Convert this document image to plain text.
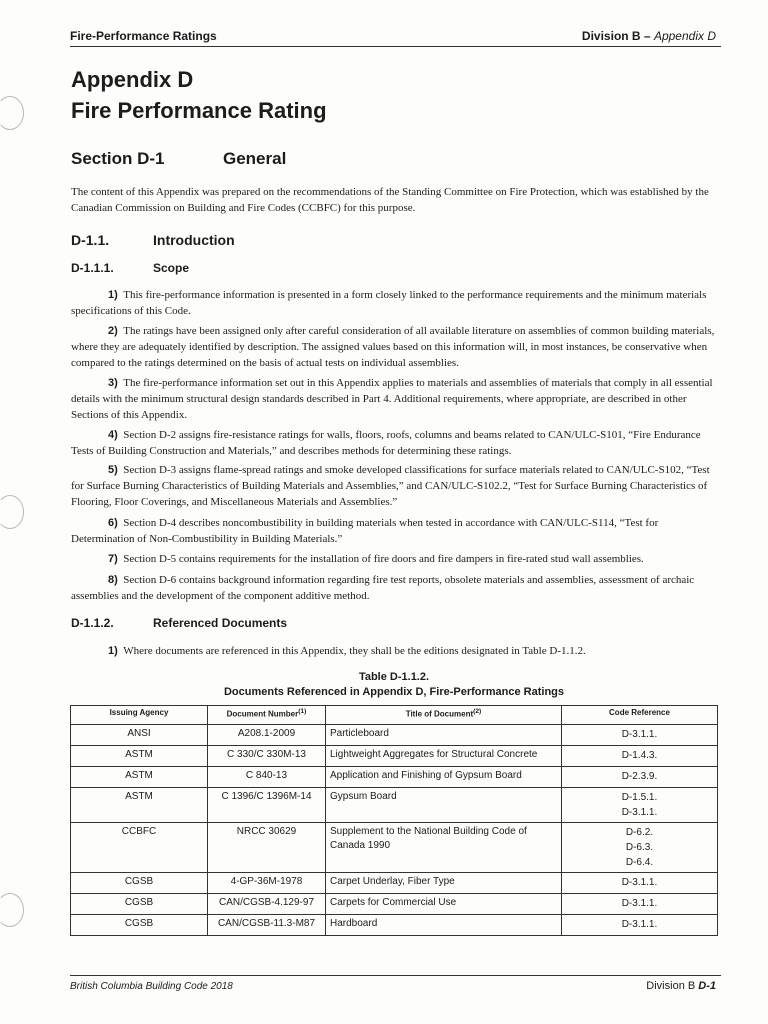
Fire-Performance Ratings	Division B – Appendix D
Appendix D
Fire Performance Rating
Section D-1	General
The content of this Appendix was prepared on the recommendations of the Standing Committee on Fire Protection, which was established by the Canadian Commission on Building and Fire Codes (CCBFC) for this purpose.
D-1.1.	Introduction
D-1.1.1.	Scope
1) This fire-performance information is presented in a form closely linked to the performance requirements and the minimum materials specifications of this Code.
2) The ratings have been assigned only after careful consideration of all available literature on assemblies of common building materials, where they are adequately identified by description. The assigned values based on this information will, in most instances, be conservative when compared to the ratings determined on the basis of actual tests on individual assemblies.
3) The fire-performance information set out in this Appendix applies to materials and assemblies of materials that comply in all essential details with the minimum structural design standards described in Part 4. Additional requirements, where appropriate, are described in other Sections of this Appendix.
4) Section D-2 assigns fire-resistance ratings for walls, floors, roofs, columns and beams related to CAN/ULC-S101, “Fire Endurance Tests of Building Construction and Materials,” and describes methods for determining these ratings.
5) Section D-3 assigns flame-spread ratings and smoke developed classifications for surface materials related to CAN/ULC-S102, “Test for Surface Burning Characteristics of Building Materials and Assemblies,” and CAN/ULC-S102.2, “Test for Surface Burning Characteristics of Flooring, Floor Coverings, and Miscellaneous Materials and Assemblies.”
6) Section D-4 describes noncombustibility in building materials when tested in accordance with CAN/ULC-S114, “Test for Determination of Non-Combustibility in Building Materials.”
7) Section D-5 contains requirements for the installation of fire doors and fire dampers in fire-rated stud wall assemblies.
8) Section D-6 contains background information regarding fire test reports, obsolete materials and assemblies, assessment of archaic assemblies and the development of the component additive method.
D-1.1.2.	Referenced Documents
1) Where documents are referenced in this Appendix, they shall be the editions designated in Table D-1.1.2.
Table D-1.1.2.
Documents Referenced in Appendix D, Fire-Performance Ratings
Issuing Agency	Document Number$^{(1)}$	Title of Document$^{(2)}$	Code Reference
ANSI	A208.1-2009	Particleboard	D-3.1.1.

ASTM	C 330/C 330M-13	Lightweight Aggregates for Structural Concrete	D-1.4.3.

ASTM	C 840-13	Application and Finishing of Gypsum Board	D-2.3.9.

ASTM	C 1396/C 1396M-14	Gypsum Board	D-1.5.1.
D-3.1.1.

CCBFC	NRCC 30629	Supplement to the National Building Code of Canada 1990	D-6.2.
D-6.3.
D-6.4.

CGSB	4-GP-36M-1978	Carpet Underlay, Fiber Type	D-3.1.1.

CGSB	CAN/CGSB-4.129-97	Carpets for Commercial Use	D-3.1.1.

CGSB	CAN/CGSB-11.3-M87	Hardboard	D-3.1.1.
British Columbia Building Code 2018	Division B D-1
